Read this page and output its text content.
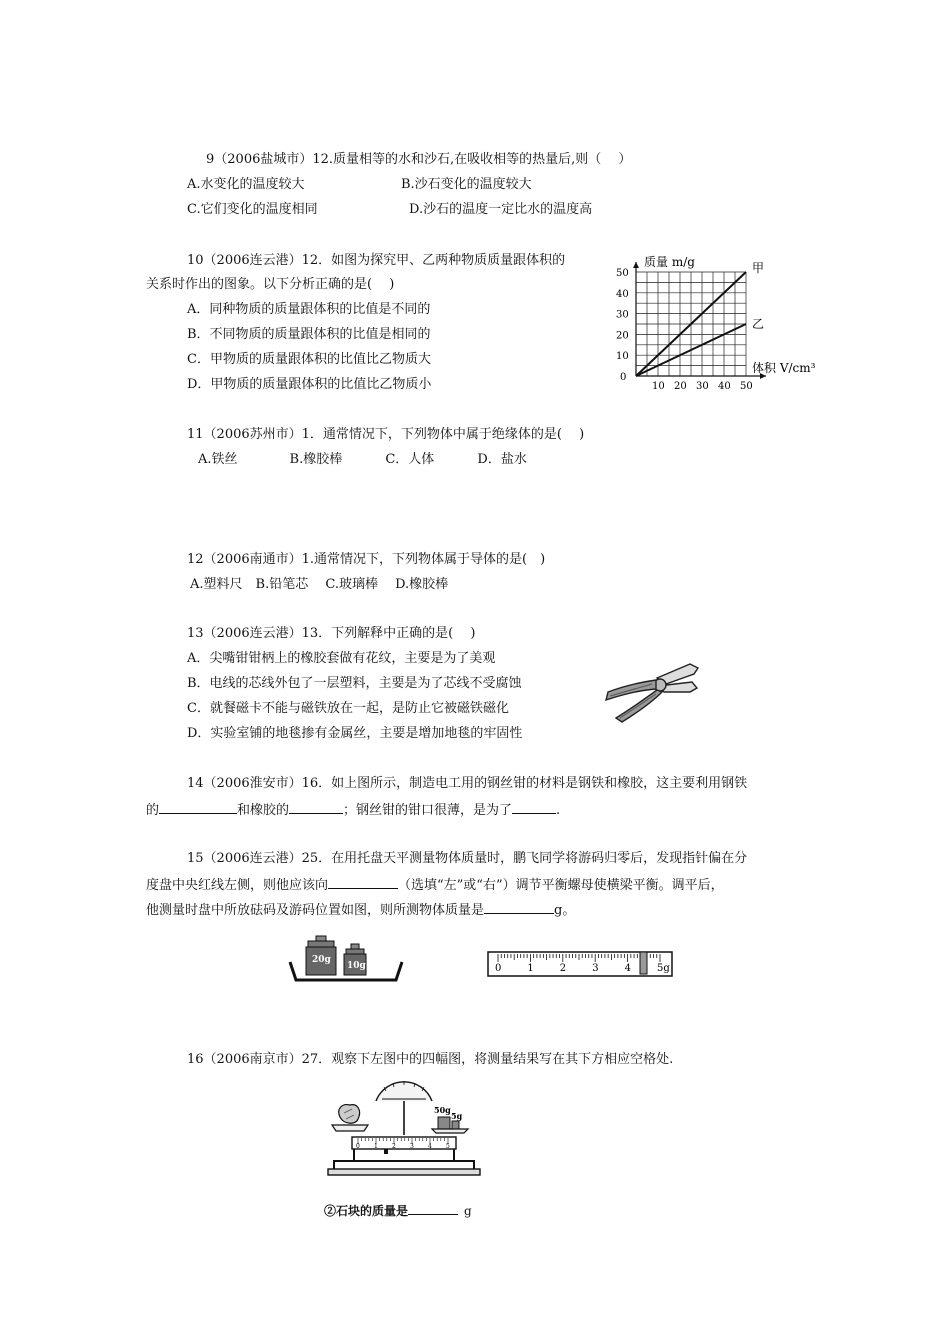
9（2006盐城市）12.质量相等的水和沙石,在吸收相等的热量后,则（　 ）
A.水变化的温度较大	B.沙石变化的温度较大
C.它们变化的温度相同	D.沙石的温度一定比水的温度高
10（2006连云港）12．如图为探究甲、乙两种物质质量跟体积的
关系时作出的图象。以下分析正确的是(　 )
A．同种物质的质量跟体积的比值是不同的
B．不同物质的质量跟体积的比值是相同的
C．甲物质的质量跟体积的比值比乙物质大
D．甲物质的质量跟体积的比值比乙物质小	10 20 30 40 50
0
10
20
30
40
50	甲
乙
质量 m/g
体积 V/cm³
11（2006苏州市）1．通常情况下，下列物体中属于绝缘体的是(　 )
A.铁丝　　　　B.橡胶棒　　　 C．人体　　　 D．盐水
12（2006南通市）1.通常情况下，下列物体属于导体的是(　)
A.塑料尺　B.铅笔芯　 C.玻璃棒　 D.橡胶棒
13（2006连云港）13．下列解释中正确的是(　 )
A．尖嘴钳钳柄上的橡胶套做有花纹，主要是为了美观
B．电线的芯线外包了一层塑料，主要是为了芯线不受腐蚀
C．就餐磁卡不能与磁铁放在一起，是防止它被磁铁磁化
D．实验室铺的地毯掺有金属丝，主要是增加地毯的牢固性
14（2006淮安市）16．如上图所示，制造电工用的钢丝钳的材料是钢铁和橡胶，这主要利用钢铁
的	和橡胶的	；钢丝钳的钳口很薄，是为了	.
15（2006连云港）25．在用托盘天平测量物体质量时，鹏飞同学将游码归零后，发现指针偏在分
度盘中央红线左侧，则他应该向	（选填“左”或“右”）调节平衡螺母使横梁平衡。调平后，
他测量时盘中所放砝码及游码位置如图，则所测物体质量是	g。
20g
10g	0	1	2	3	4	5g
16（2006南京市）27．观察下左图中的四幅图，将测量结果写在其下方相应空格处.
50g
5g
0 1 2 3 4 5
②石块的质量是	g
